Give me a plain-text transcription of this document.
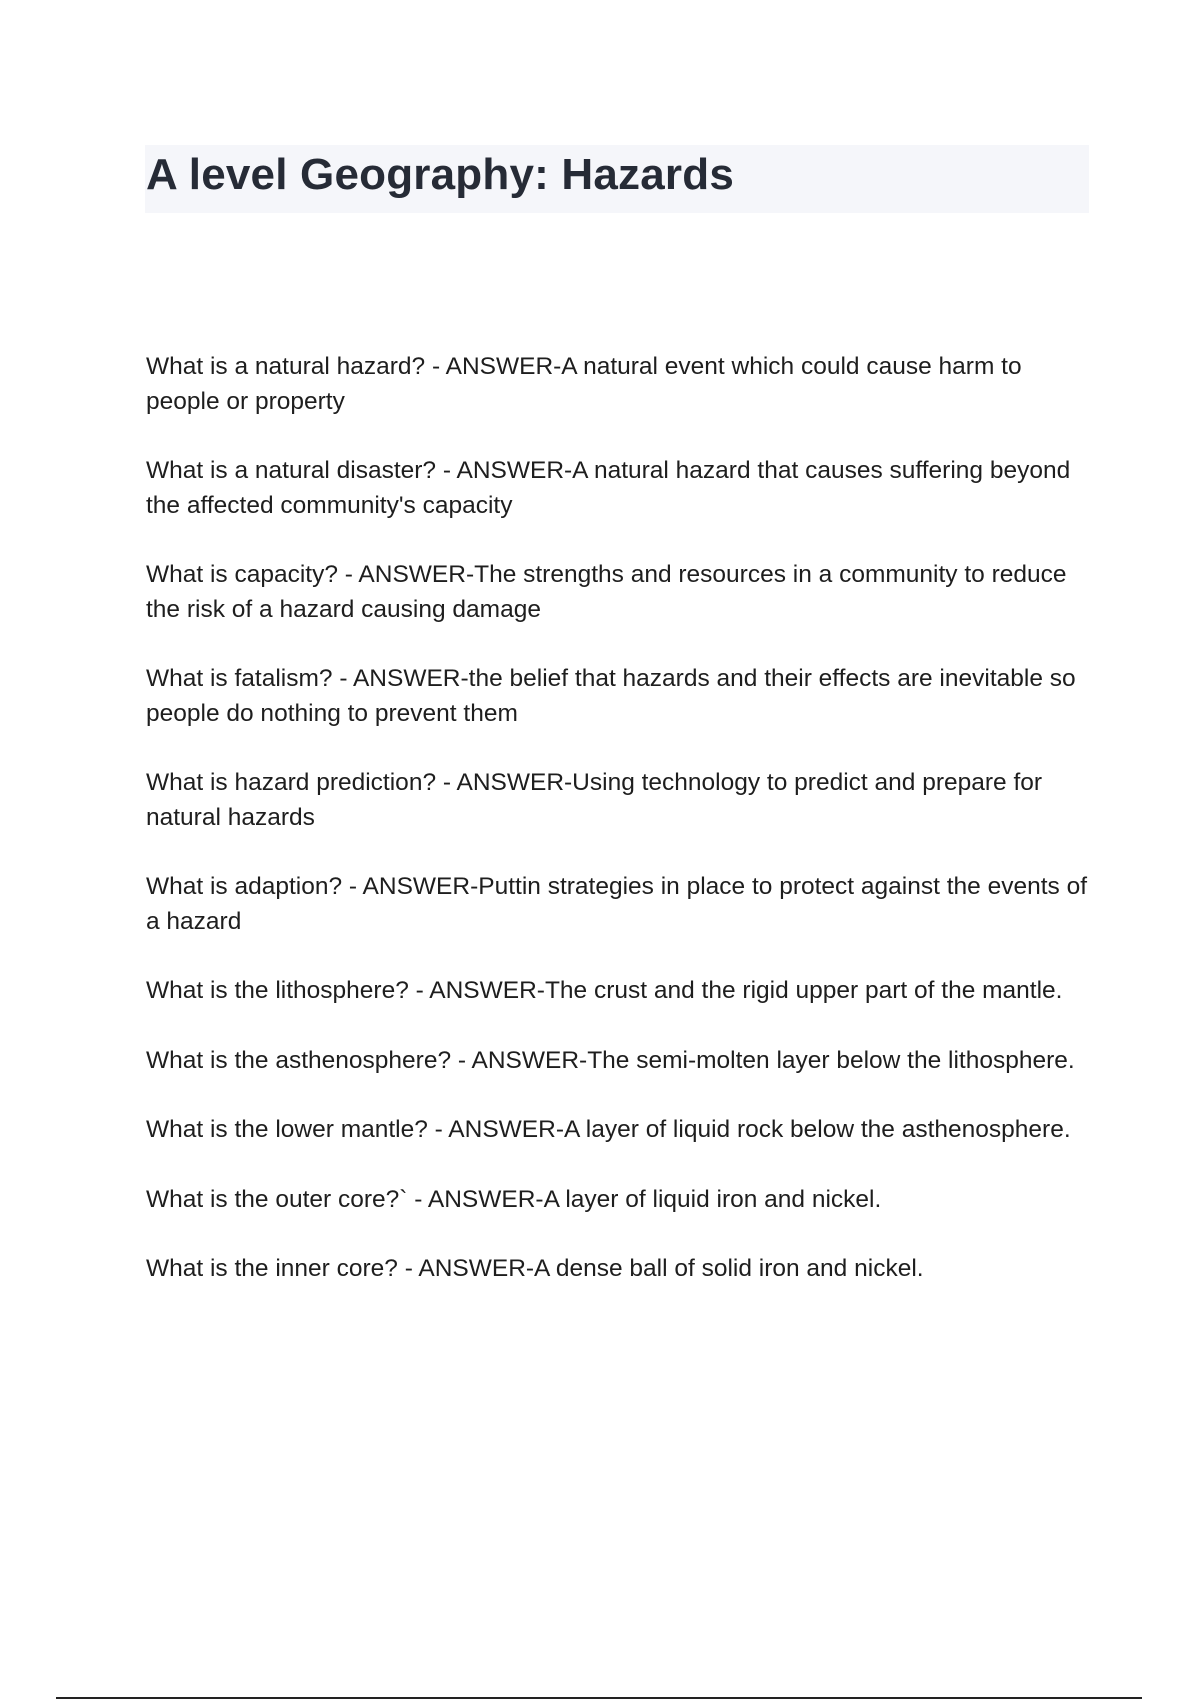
A level Geography: Hazards
What is a natural hazard? - ANSWER-A natural event which could cause harm to people or property
What is a natural disaster? - ANSWER-A natural hazard that causes suffering beyond the affected community's capacity
What is capacity? - ANSWER-The strengths and resources in a community to reduce the risk of a hazard causing damage
What is fatalism? - ANSWER-the belief that hazards and their effects are inevitable so people do nothing to prevent them
What is hazard prediction? - ANSWER-Using technology to predict and prepare for natural hazards
What is adaption? - ANSWER-Puttin strategies in place to protect against the events of a hazard
What is the lithosphere? - ANSWER-The crust and the rigid upper part of the mantle.
What is the asthenosphere? - ANSWER-The semi-molten layer below the lithosphere.
What is the lower mantle? - ANSWER-A layer of liquid rock below the asthenosphere.
What is the outer core?` - ANSWER-A layer of liquid iron and nickel.
What is the inner core? - ANSWER-A dense ball of solid iron and nickel.
